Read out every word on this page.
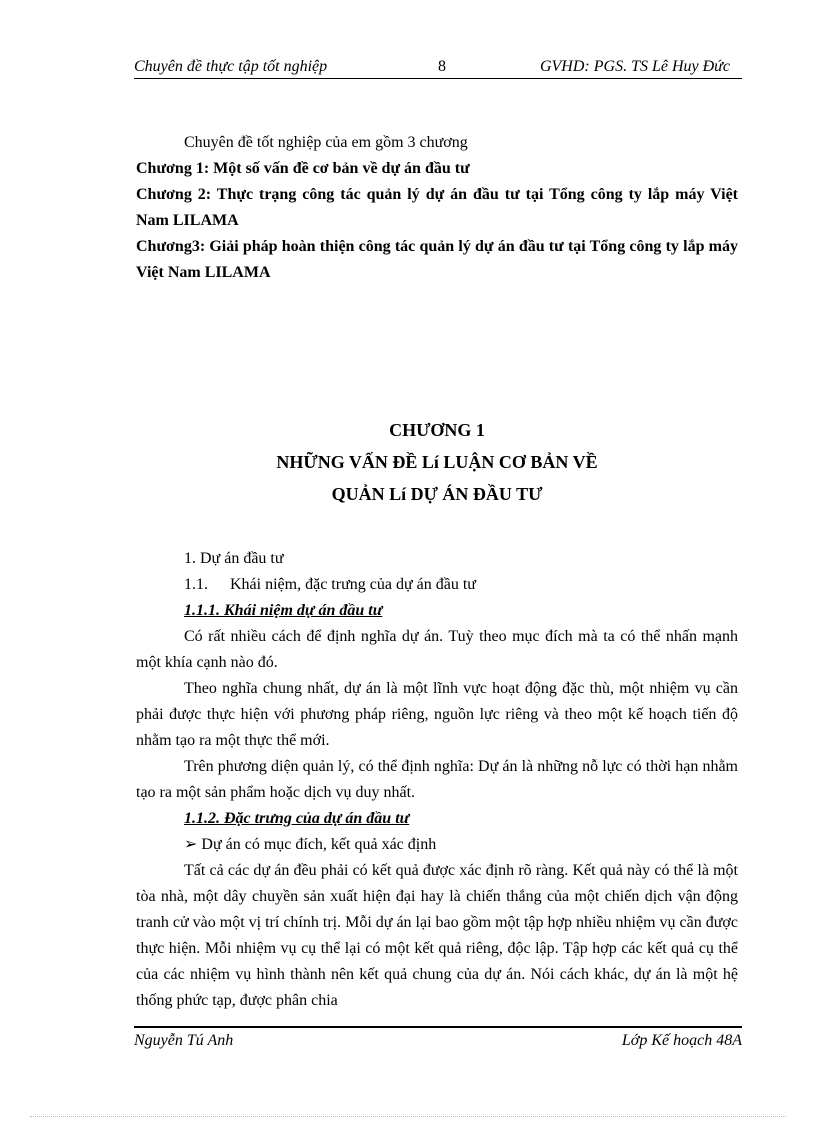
Chuyên đề thực tập tốt nghiệp	8	GVHD: PGS. TS Lê Huy Đức

Chuyên đề tốt nghiệp của em gồm 3 chương

Chương 1: Một số vấn đề cơ bản về dự án đầu tư

Chương 2: Thực trạng công tác quản lý dự án đầu tư tại Tổng công ty lắp máy Việt Nam LILAMA

Chương3: Giải pháp hoàn thiện công tác quản lý dự án đầu tư tại Tổng công ty lắp máy Việt Nam LILAMA

CHƯƠNG 1
NHỮNG VẤN ĐỀ Lí LUẬN CƠ BẢN VỀ
QUẢN Lí DỰ ÁN ĐẦU TƯ

1. Dự án đầu tư

1.1. Khái niệm, đặc trưng của dự án đầu tư

1.1.1. Khái niệm dự án đầu tư

Có rất nhiều cách để định nghĩa dự án. Tuỳ theo mục đích mà ta có thể nhấn mạnh một khía cạnh nào đó.

Theo nghĩa chung nhất, dự án là một lĩnh vực hoạt động đặc thù, một nhiệm vụ cần phải được thực hiện với phương pháp riêng, nguồn lực riêng và theo một kế hoạch tiến độ nhằm tạo ra một thực thể mới.

Trên phương diện quản lý, có thể định nghĩa: Dự án là những nỗ lực có thời hạn nhằm tạo ra một sản phẩm hoặc dịch vụ duy nhất.

1.1.2. Đặc trưng của dự án đầu tư

➢ Dự án có mục đích, kết quả xác định

Tất cả các dự án đều phải có kết quả được xác định rõ ràng. Kết quả này có thể là một tòa nhà, một dây chuyền sản xuất hiện đại hay là chiến thắng của một chiến dịch vận động tranh cử vào một vị trí chính trị. Mỗi dự án lại bao gồm một tập hợp nhiều nhiệm vụ cần được thực hiện. Mỗi nhiệm vụ cụ thể lại có một kết quả riêng, độc lập. Tập hợp các kết quả cụ thể của các nhiệm vụ hình thành nên kết quả chung của dự án. Nói cách khác, dự án là một hệ thống phức tạp, được phân chia

Nguyễn Tú Anh	Lớp Kế hoạch 48A
